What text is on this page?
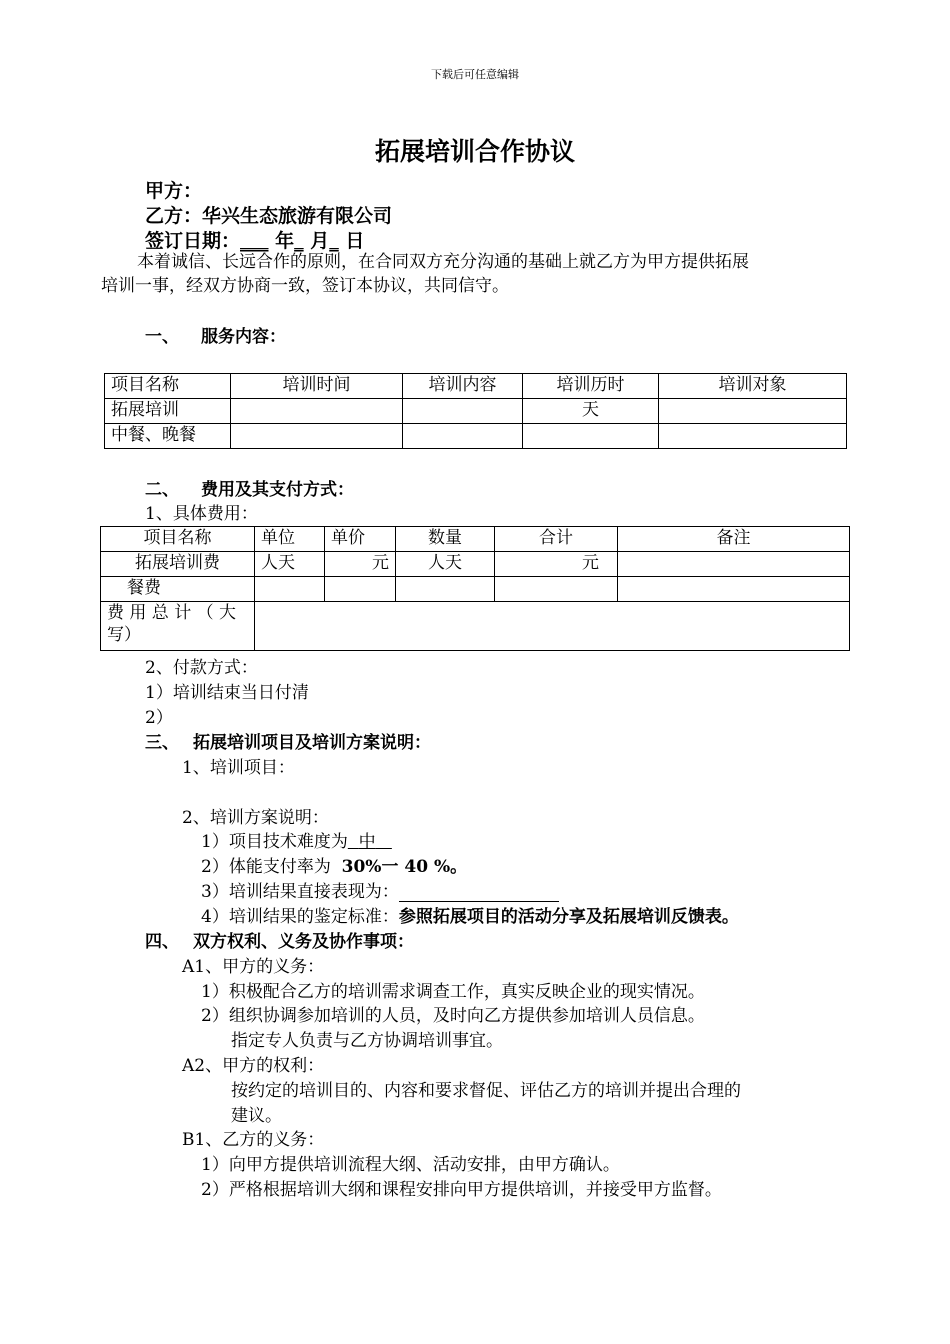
下载后可任意编辑
拓展培训合作协议
甲方：
乙方：华兴生态旅游有限公司
签订日期：___ 年_ 月_ 日
本着诚信、长远合作的原则，在合同双方充分沟通的基础上就乙方为甲方提供拓展
培训一事，经双方协商一致，签订本协议，共同信守。
一、 服务内容：
项目名称	培训时间	培训内容	培训历时	培训对象
拓展培训			天	
中餐、晚餐				
二、 费用及其支付方式：
1、具体费用：
项目名称	单位	单价	数量	合计	备注
拓展培训费	人天	元	人天	元	
餐费					

费 用 总 计 （ 大
写）					

2、付款方式：
1）培训结束当日付清
2）
三、 拓展培训项目及培训方案说明：
1、培训项目：
2、培训方案说明：
1）项目技术难度为 中
2）体能支付率为 30%一 40 %。
3）培训结果直接表现为：
4）培训结果的鉴定标准：参照拓展项目的活动分享及拓展培训反馈表。
四、 双方权利、义务及协作事项：
A1、甲方的义务：
1）积极配合乙方的培训需求调查工作，真实反映企业的现实情况。
2）组织协调参加培训的人员，及时向乙方提供参加培训人员信息。
指定专人负责与乙方协调培训事宜。
A2、甲方的权利：
按约定的培训目的、内容和要求督促、评估乙方的培训并提出合理的
建议。
B1、乙方的义务：
1）向甲方提供培训流程大纲、活动安排，由甲方确认。
2）严格根据培训大纲和课程安排向甲方提供培训，并接受甲方监督。
